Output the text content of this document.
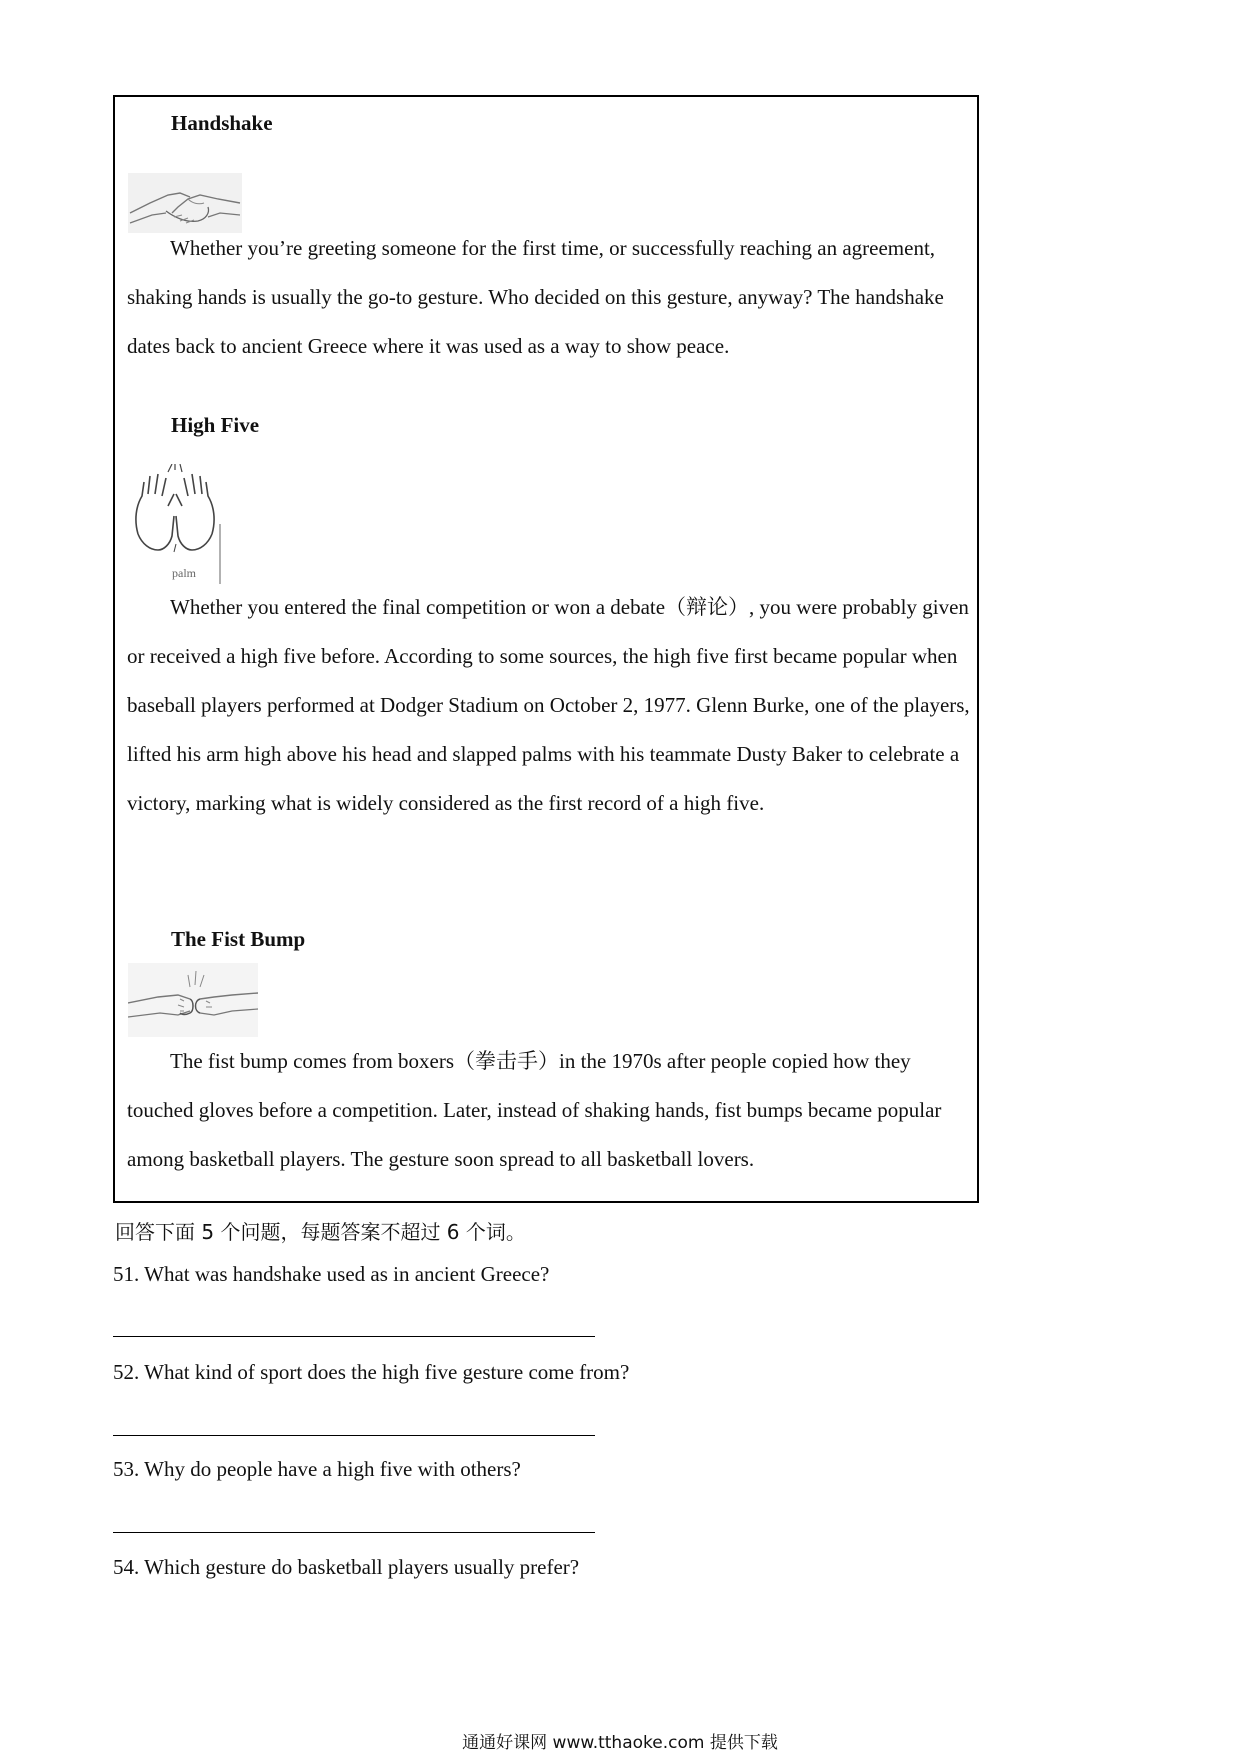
Handshake

Whether you’re greeting someone for the first time, or successfully reaching an agreement, shaking hands is usually the go-to gesture. Who decided on this gesture, anyway? The handshake dates back to ancient Greece where it was used as a way to show peace.

High Five
palm

Whether you entered the final competition or won a debate（辩论）, you were probably given or received a high five before. According to some sources, the high five first became popular when baseball players performed at Dodger Stadium on October 2, 1977. Glenn Burke, one of the players, lifted his arm high above his head and slapped palms with his teammate Dusty Baker to celebrate a victory, marking what is widely considered as the first record of a high five.

The Fist Bump

The fist bump comes from boxers（拳击手）in the 1970s after people copied how they touched gloves before a competition. Later, instead of shaking hands, fist bumps became popular among basketball players. The gesture soon spread to all basketball lovers.

回答下面 5 个问题，每题答案不超过 6 个词。
51. What was handshake used as in ancient Greece?
52. What kind of sport does the high five gesture come from?
53. Why do people have a high five with others?
54. Which gesture do basketball players usually prefer?
通通好课网 www.tthaoke.com 提供下载
